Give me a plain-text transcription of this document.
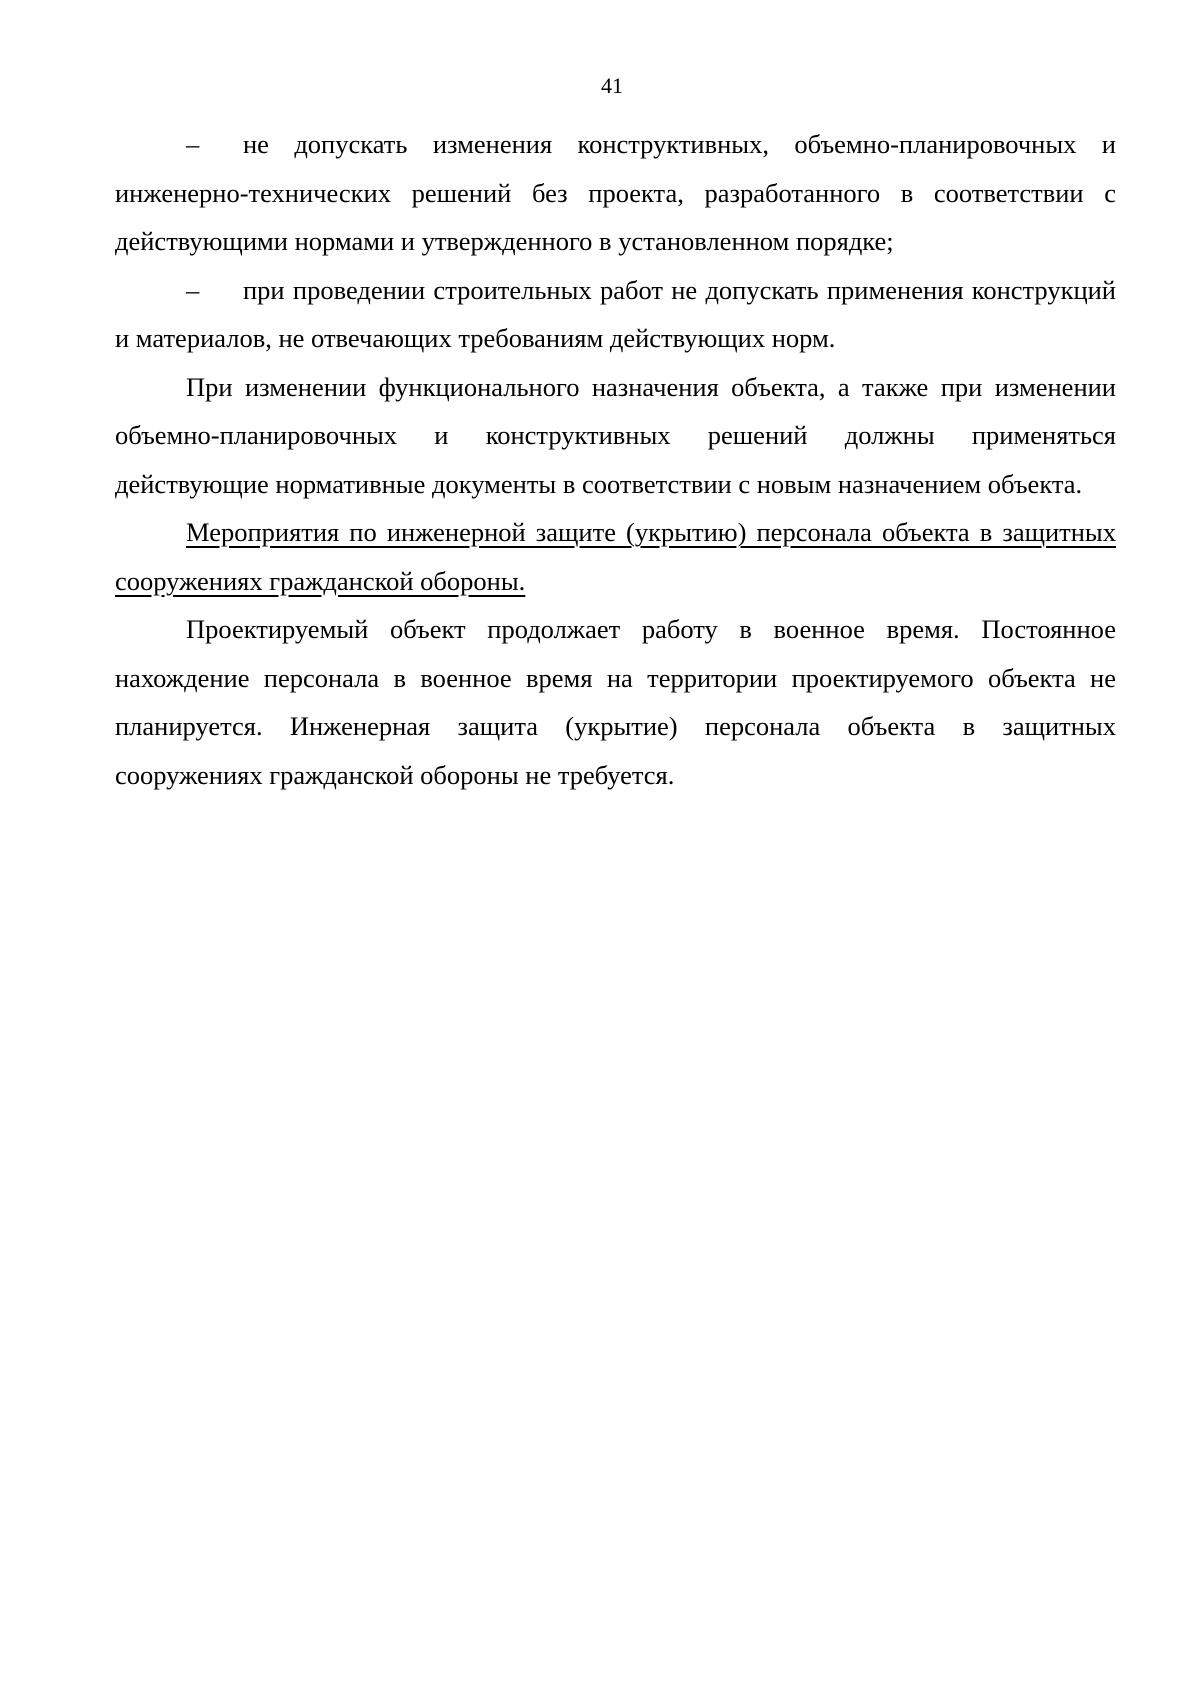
41

– не допускать изменения конструктивных, объемно-планировочных и инженерно-технических решений без проекта, разработанного в соответствии с действующими нормами и утвержденного в установленном порядке;

– при проведении строительных работ не допускать применения конструкций и материалов, не отвечающих требованиям действующих норм.

При изменении функционального назначения объекта, а также при изменении объемно-планировочных и конструктивных решений должны применяться действующие нормативные документы в соответствии с новым назначением объекта.

Мероприятия по инженерной защите (укрытию) персонала объекта в защитных сооружениях гражданской обороны.

Проектируемый объект продолжает работу в военное время. Постоянное нахождение персонала в военное время на территории проектируемого объекта не планируется. Инженерная защита (укрытие) персонала объекта в защитных сооружениях гражданской обороны не требуется.
